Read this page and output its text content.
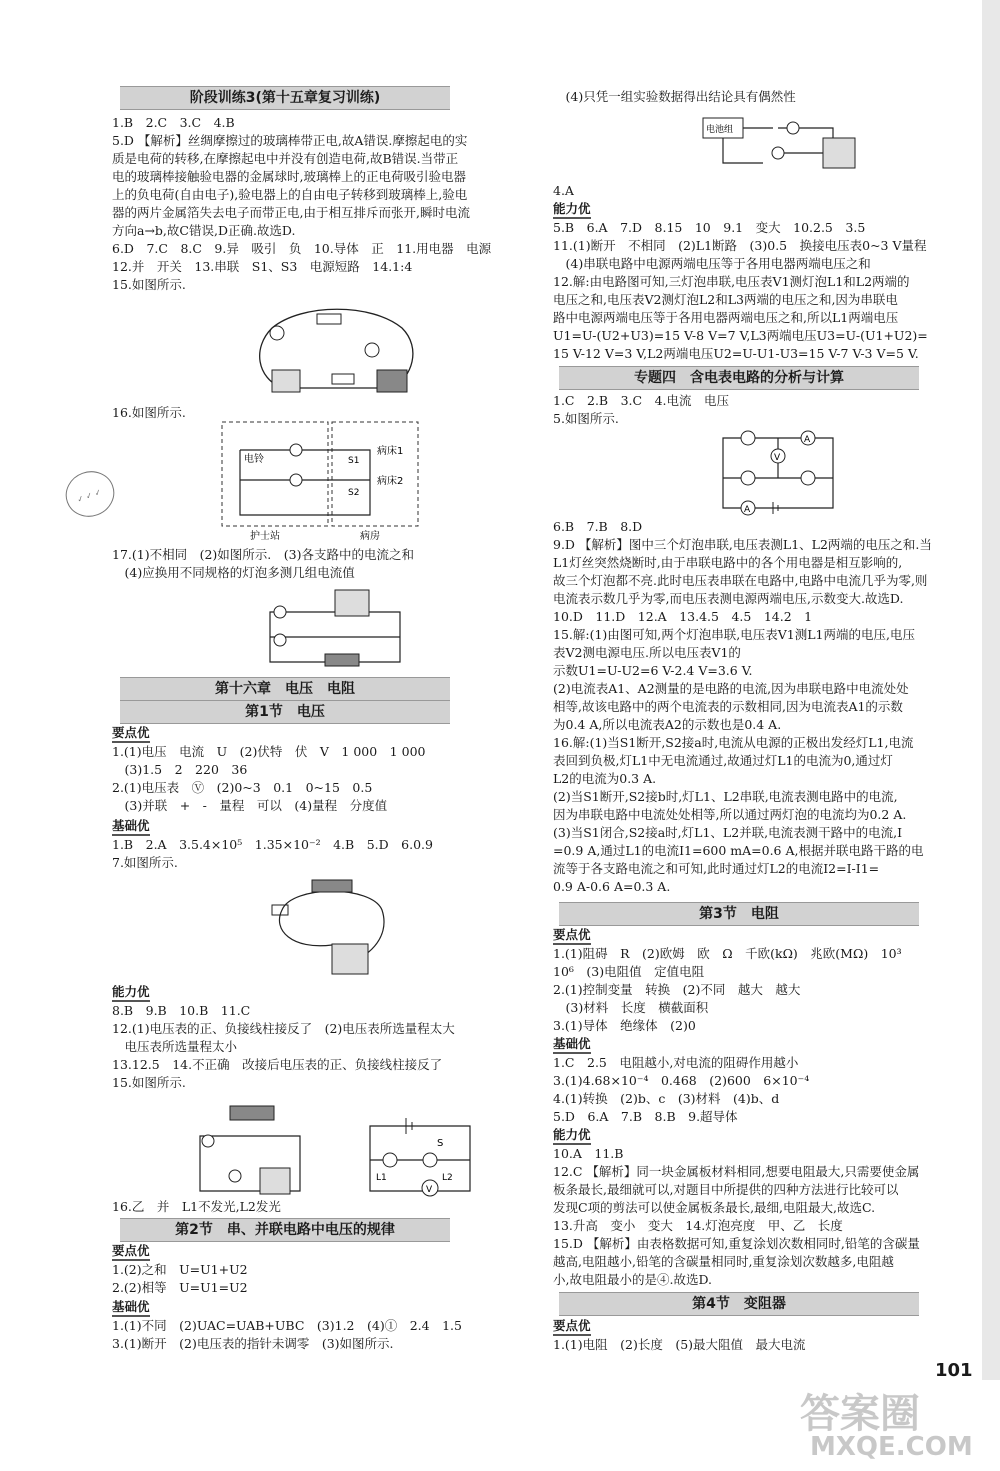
阶段训练3(第十五章复习训练)
1.B　2.C　3.C　4.B
5.D 【解析】丝绸摩擦过的玻璃棒带正电,故A错误.摩擦起电的实
质是电荷的转移,在摩擦起电中并没有创造电荷,故B错误.当带正
电的玻璃棒接触验电器的金属球时,玻璃棒上的正电荷吸引验电器
上的负电荷(自由电子),验电器上的自由电子转移到玻璃棒上,验电
器的两片金属箔失去电子而带正电,由于相互排斥而张开,瞬时电流
方向a→b,故C错误,D正确.故选D.
6.D　7.C　8.C　9.异　吸引　负　10.导体　正　11.用电器　电源
12.并　开关　13.串联　S1、S3　电源短路　14.1:4
15.如图所示.
16.如图所示.
电铃	S1
S2
病床1
病床2
护士站	病房
17.(1)不相同　(2)如图所示.　(3)各支路中的电流之和
　(4)应换用不同规格的灯泡多测几组电流值
第十六章　电压　电阻
第1节　电压
要点优
1.(1)电压　电流　U　(2)伏特　伏　V　1 000　1 000
　(3)1.5　2　220　36
2.(1)电压表　Ⓥ　(2)0~3　0.1　0~15　0.5
　(3)并联　+　-　量程　可以　(4)量程　分度值
基础优
1.B　2.A　3.5.4×10⁵　1.35×10⁻²　4.B　5.D　6.0.9
7.如图所示.
能力优
8.B　9.B　10.B　11.C
12.(1)电压表的正、负接线柱接反了　(2)电压表所选量程太大
　电压表所选量程太小
13.12.5　14.不正确　改接后电压表的正、负接线柱接反了
15.如图所示.
S
L1	L2
V
16.乙　并　L1不发光,L2发光
第2节　串、并联电路中电压的规律
要点优
1.(2)之和　U=U1+U2
2.(2)相等　U=U1=U2
基础优
1.(1)不同　(2)UAC=UAB+UBC　(3)1.2　(4)①　2.4　1.5
3.(1)断开　(2)电压表的指针未调零　(3)如图所示.
✓ ✓ ✓
　(4)只凭一组实验数据得出结论具有偶然性
电池组
4.A
能力优
5.B　6.A　7.D　8.15　10　9.1　变大　10.2.5　3.5
11.(1)断开　不相同　(2)L1断路　(3)0.5　换接电压表0~3 V量程
　(4)串联电路中电源两端电压等于各用电器两端电压之和
12.解:由电路图可知,三灯泡串联,电压表V1测灯泡L1和L2两端的
电压之和,电压表V2测灯泡L2和L3两端的电压之和,因为串联电
路中电源两端电压等于各用电器两端电压之和,所以L1两端电压
U1=U-(U2+U3)=15 V-8 V=7 V,L3两端电压U3=U-(U1+U2)=
15 V-12 V=3 V,L2两端电压U2=U-U1-U3=15 V-7 V-3 V=5 V.
专题四　含电表电路的分析与计算
1.C　2.B　3.C　4.电流　电压
5.如图所示.
A
A
V
6.B　7.B　8.D
9.D 【解析】图中三个灯泡串联,电压表测L1、L2两端的电压之和.当
L1灯丝突然烧断时,由于串联电路中的各个用电器是相互影响的,
故三个灯泡都不亮.此时电压表串联在电路中,电路中电流几乎为零,则
电流表示数几乎为零,而电压表测电源两端电压,示数变大.故选D.
10.D　11.D　12.A　13.4.5　4.5　14.2　1
15.解:(1)由图可知,两个灯泡串联,电压表V1测L1两端的电压,电压
表V2测电源电压.所以电压表V1的
示数U1=U-U2=6 V-2.4 V=3.6 V.
(2)电流表A1、A2测量的是电路的电流,因为串联电路中电流处处
相等,故该电路中的两个电流表的示数相同,因为电流表A1的示数
为0.4 A,所以电流表A2的示数也是0.4 A.
16.解:(1)当S1断开,S2接a时,电流从电源的正极出发经灯L1,电流
表回到负极,灯L1中无电流通过,故通过灯L1的电流为0,通过灯
L2的电流为0.3 A.
(2)当S1断开,S2接b时,灯L1、L2串联,电流表测电路中的电流,
因为串联电路中电流处处相等,所以通过两灯泡的电流均为0.2 A.
(3)当S1闭合,S2接a时,灯L1、L2并联,电流表测干路中的电流,I
=0.9 A,通过L1的电流I1=600 mA=0.6 A,根据并联电路干路的电
流等于各支路电流之和可知,此时通过灯L2的电流I2=I-I1=
0.9 A-0.6 A=0.3 A.
第3节　电阻
要点优
1.(1)阻碍　R　(2)欧姆　欧　Ω　千欧(kΩ)　兆欧(MΩ)　10³
10⁶　(3)电阻值　定值电阻
2.(1)控制变量　转换　(2)不同　越大　越大
　(3)材料　长度　横截面积
3.(1)导体　绝缘体　(2)0
基础优
1.C　2.5　电阻越小,对电流的阻碍作用越小
3.(1)4.68×10⁻⁴　0.468　(2)600　6×10⁻⁴
4.(1)转换　(2)b、c　(3)材料　(4)b、d
5.D　6.A　7.B　8.B　9.超导体
能力优
10.A　11.B
12.C 【解析】同一块金属板材料相同,想要电阻最大,只需要使金属
板条最长,最细就可以,对题目中所提供的四种方法进行比较可以
发现C项的剪法可以使金属板条最长,最细,电阻最大,故选C.
13.升高　变小　变大　14.灯泡亮度　甲、乙　长度
15.D 【解析】由表格数据可知,重复涂划次数相同时,铅笔的含碳量
越高,电阻越小,铅笔的含碳量相同时,重复涂划次数越多,电阻越
小,故电阻最小的是④.故选D.
第4节　变阻器
要点优
1.(1)电阻　(2)长度　(5)最大阻值　最大电流
101
答案圈
MXQE.COM
